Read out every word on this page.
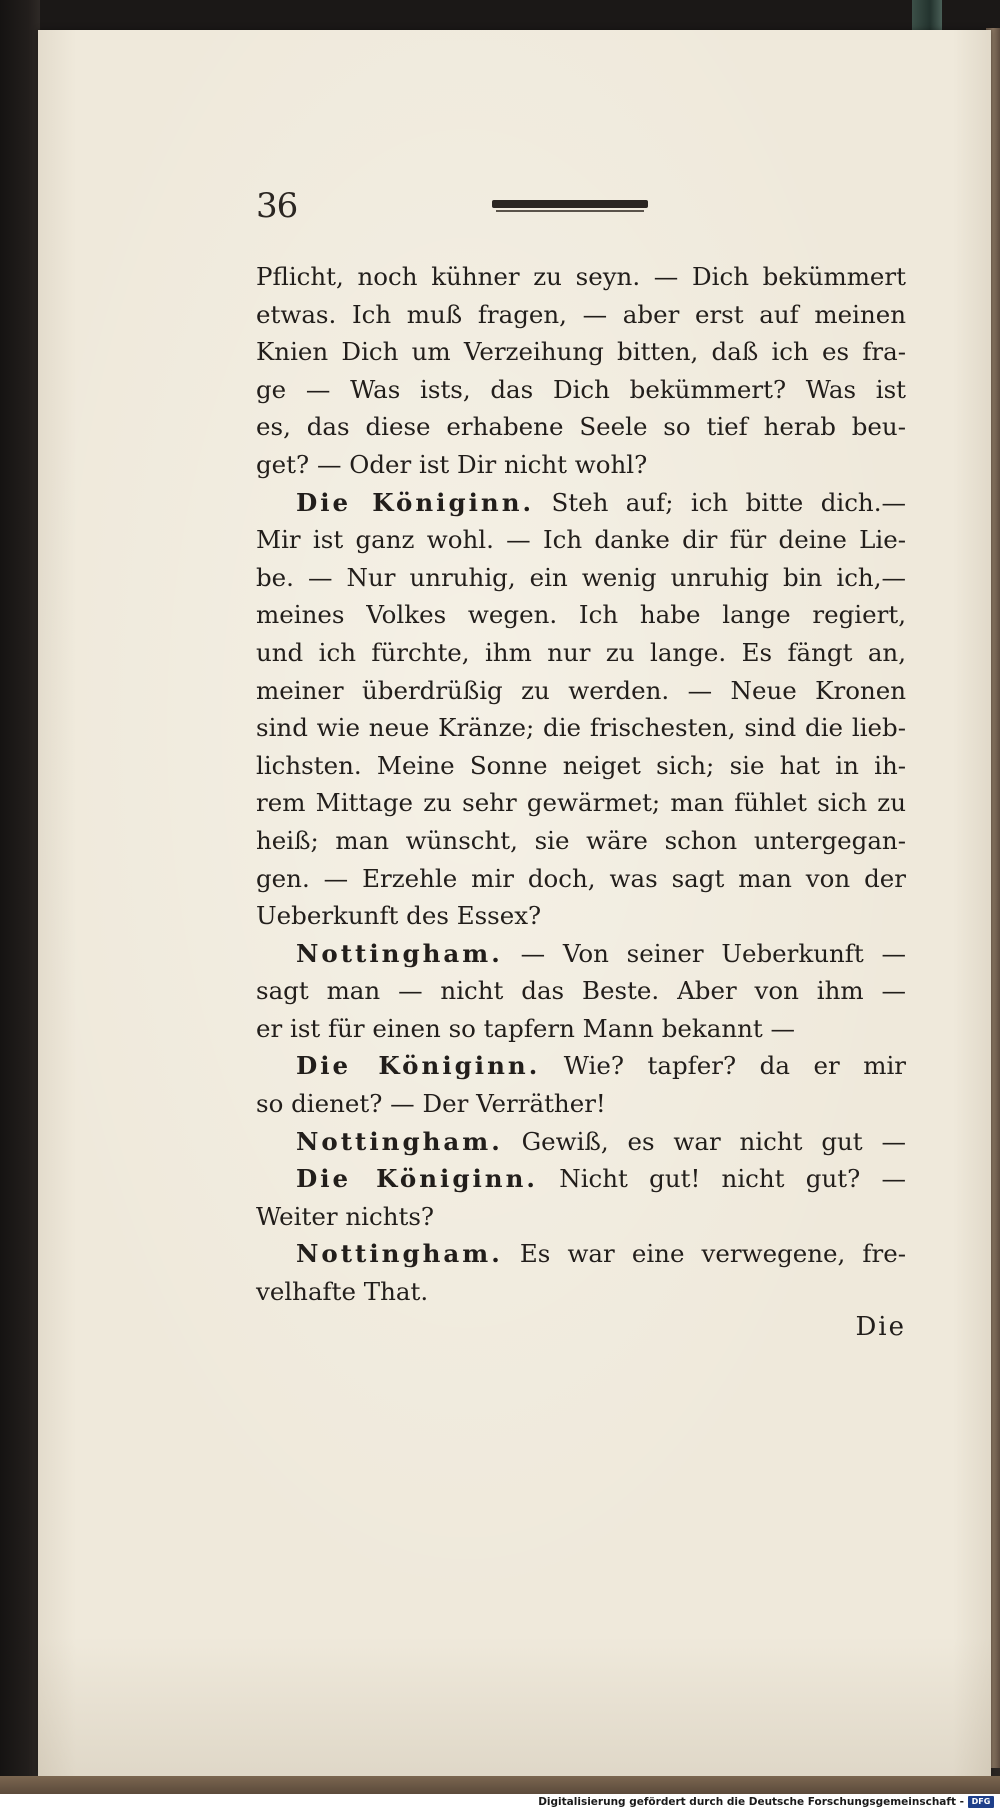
36
Pflicht, noch kühner zu seyn. — Dich bekümmert
etwas. Ich muß fragen, — aber erst auf meinen
Knien Dich um Verzeihung bitten, daß ich es fra-
ge — Was ists, das Dich bekümmert? Was ist
es, das diese erhabene Seele so tief herab beu-
get? — Oder ist Dir nicht wohl?
Die Königinn. Steh auf; ich bitte dich.—
Mir ist ganz wohl. — Ich danke dir für deine Lie-
be. — Nur unruhig, ein wenig unruhig bin ich,—
meines Volkes wegen. Ich habe lange regiert,
und ich fürchte, ihm nur zu lange. Es fängt an,
meiner überdrüßig zu werden. — Neue Kronen
sind wie neue Kränze; die frischesten, sind die lieb-
lichsten. Meine Sonne neiget sich; sie hat in ih-
rem Mittage zu sehr gewärmet; man fühlet sich zu
heiß; man wünscht, sie wäre schon untergegan-
gen. — Erzehle mir doch, was sagt man von der
Ueberkunft des Essex?
Nottingham. — Von seiner Ueberkunft —
sagt man — nicht das Beste. Aber von ihm —
er ist für einen so tapfern Mann bekannt —
Die Königinn. Wie? tapfer? da er mir
so dienet? — Der Verräther!
Nottingham. Gewiß, es war nicht gut —
Die Königinn. Nicht gut! nicht gut? —
Weiter nichts?
Nottingham. Es war eine verwegene, fre-
velhafte That.
Die
Digitalisierung gefördert durch die Deutsche Forschungsgemeinschaft - DFG
